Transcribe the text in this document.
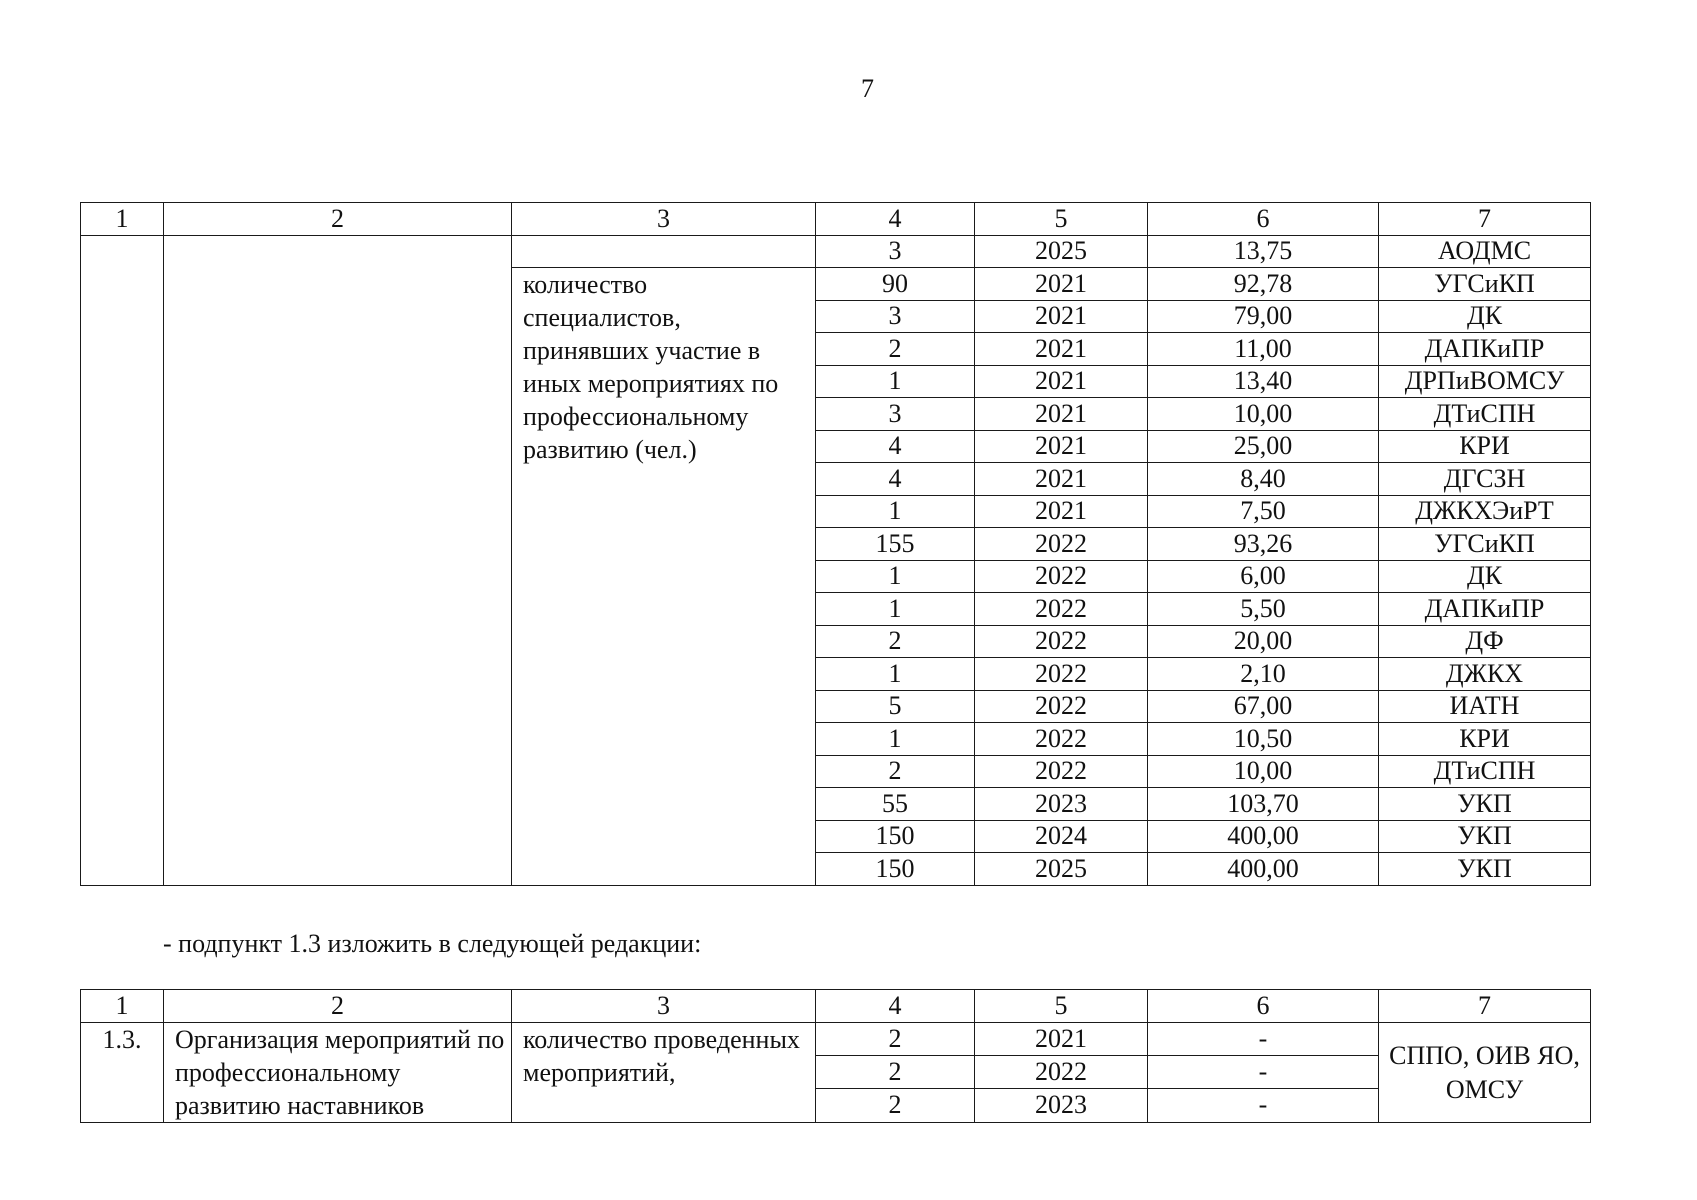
7
1	2	3	4	5	6	7
			3	2025	13,75	АОДМС
		количество специалистов, принявших участие в иных мероприятиях по профессиональному развитию (чел.)	90	2021	92,78	УГСиКП
			3	2021	79,00	ДК
			2	2021	11,00	ДАПКиПР
			1	2021	13,40	ДРПиВОМСУ
			3	2021	10,00	ДТиСПН
			4	2021	25,00	КРИ
			4	2021	8,40	ДГСЗН
			1	2021	7,50	ДЖКХЭиРТ
			155	2022	93,26	УГСиКП
			1	2022	6,00	ДК
			1	2022	5,50	ДАПКиПР
			2	2022	20,00	ДФ
			1	2022	2,10	ДЖКХ
			5	2022	67,00	ИАТН
			1	2022	10,50	КРИ
			2	2022	10,00	ДТиСПН
			55	2023	103,70	УКП
			150	2024	400,00	УКП
			150	2025	400,00	УКП
- подпункт 1.3 изложить в следующей редакции:
1	2	3	4	5	6	7
1.3.	Организация мероприятий по профессиональному развитию наставников	количество проведенных мероприятий,	2	2021	-	СППО, ОИВ ЯО, ОМСУ
			2	2022	-	
			2	2023	-	
